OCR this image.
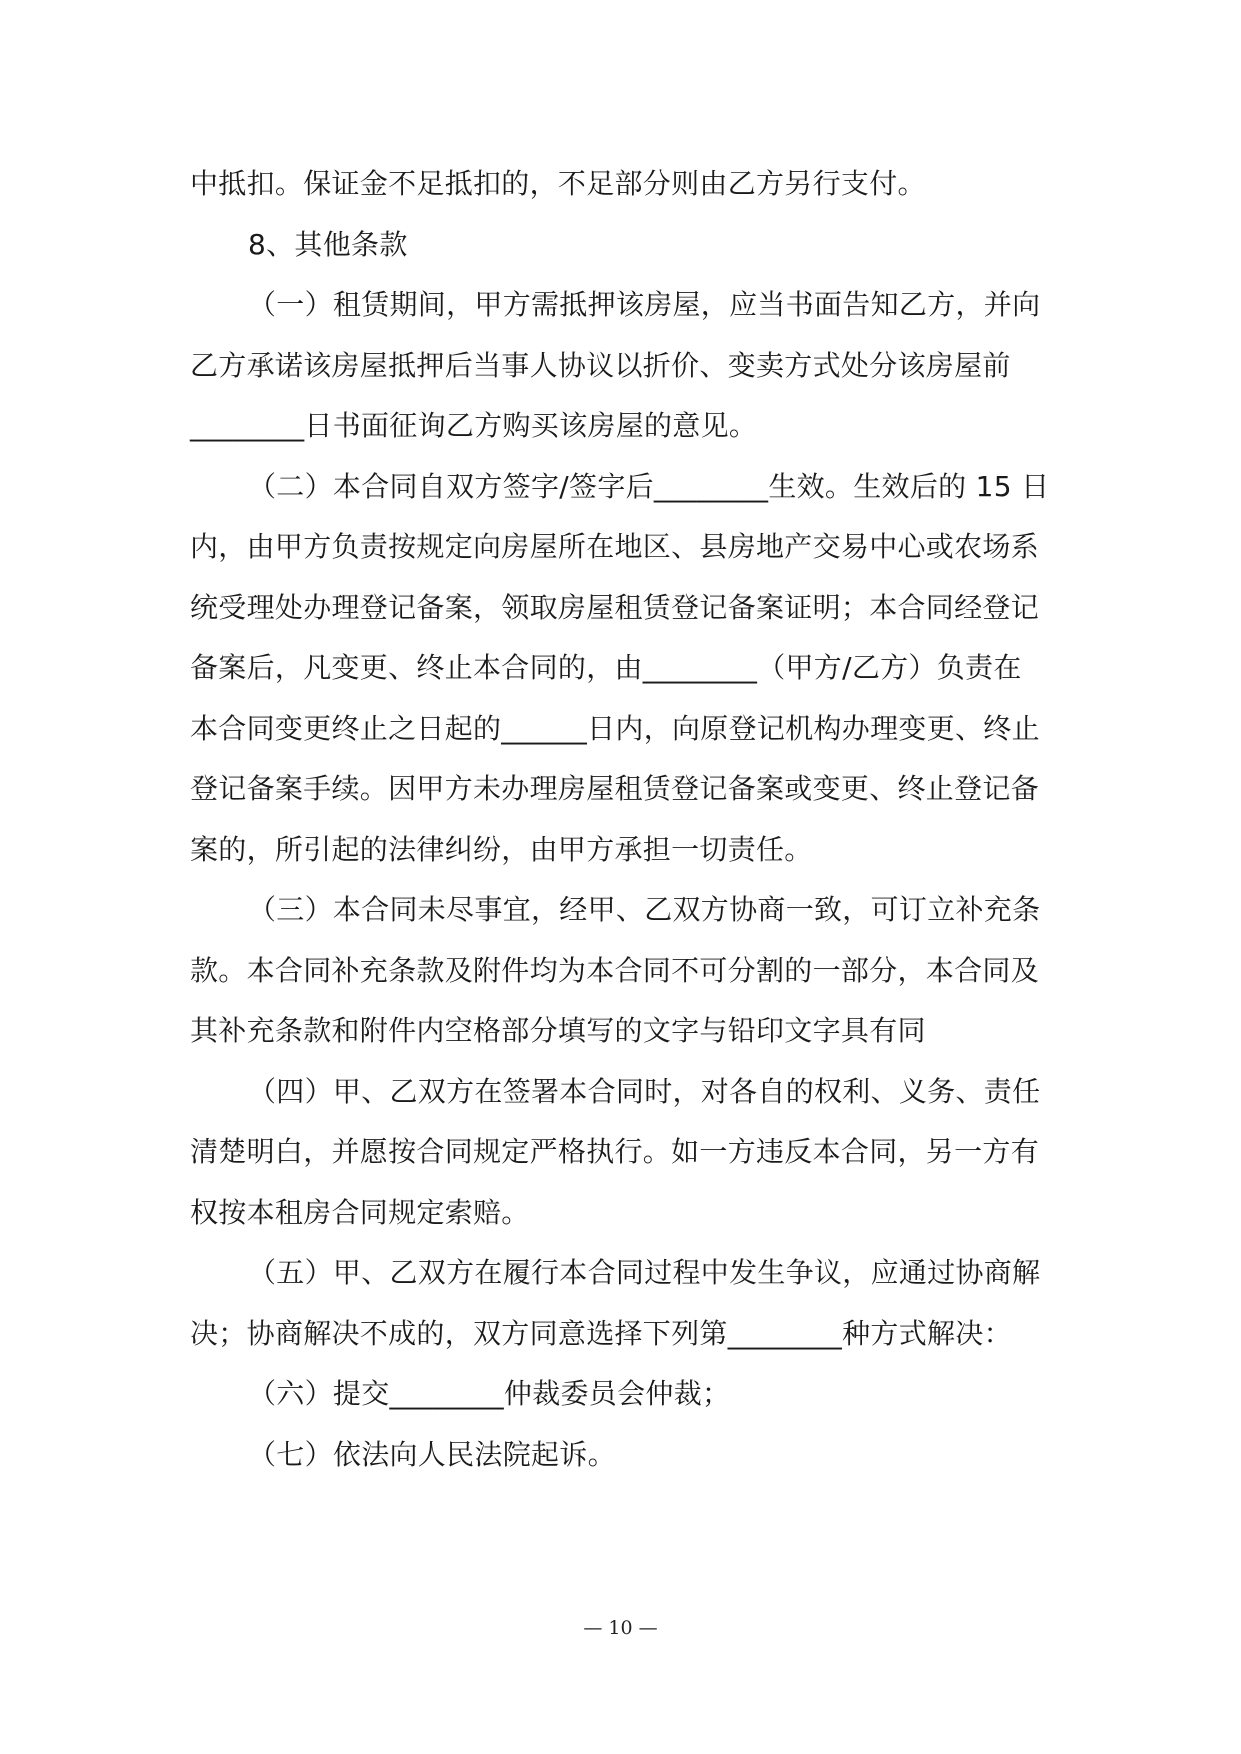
中抵扣。保证金不足抵扣的，不足部分则由乙方另行支付。
8、其他条款
（一）租赁期间，甲方需抵押该房屋，应当书面告知乙方，并向
乙方承诺该房屋抵押后当事人协议以折价、变卖方式处分该房屋前
________日书面征询乙方购买该房屋的意见。
（二）本合同自双方签字/签字后________生效。生效后的 15 日
内，由甲方负责按规定向房屋所在地区、县房地产交易中心或农场系
统受理处办理登记备案，领取房屋租赁登记备案证明；本合同经登记
备案后，凡变更、终止本合同的，由________（甲方/乙方）负责在
本合同变更终止之日起的______日内，向原登记机构办理变更、终止
登记备案手续。因甲方未办理房屋租赁登记备案或变更、终止登记备
案的，所引起的法律纠纷，由甲方承担一切责任。
（三）本合同未尽事宜，经甲、乙双方协商一致，可订立补充条
款。本合同补充条款及附件均为本合同不可分割的一部分，本合同及
其补充条款和附件内空格部分填写的文字与铅印文字具有同
（四）甲、乙双方在签署本合同时，对各自的权利、义务、责任
清楚明白，并愿按合同规定严格执行。如一方违反本合同，另一方有
权按本租房合同规定索赔。
（五）甲、乙双方在履行本合同过程中发生争议，应通过协商解
决；协商解决不成的，双方同意选择下列第________种方式解决：
（六）提交________仲裁委员会仲裁；
（七）依法向人民法院起诉。
— 10 —
